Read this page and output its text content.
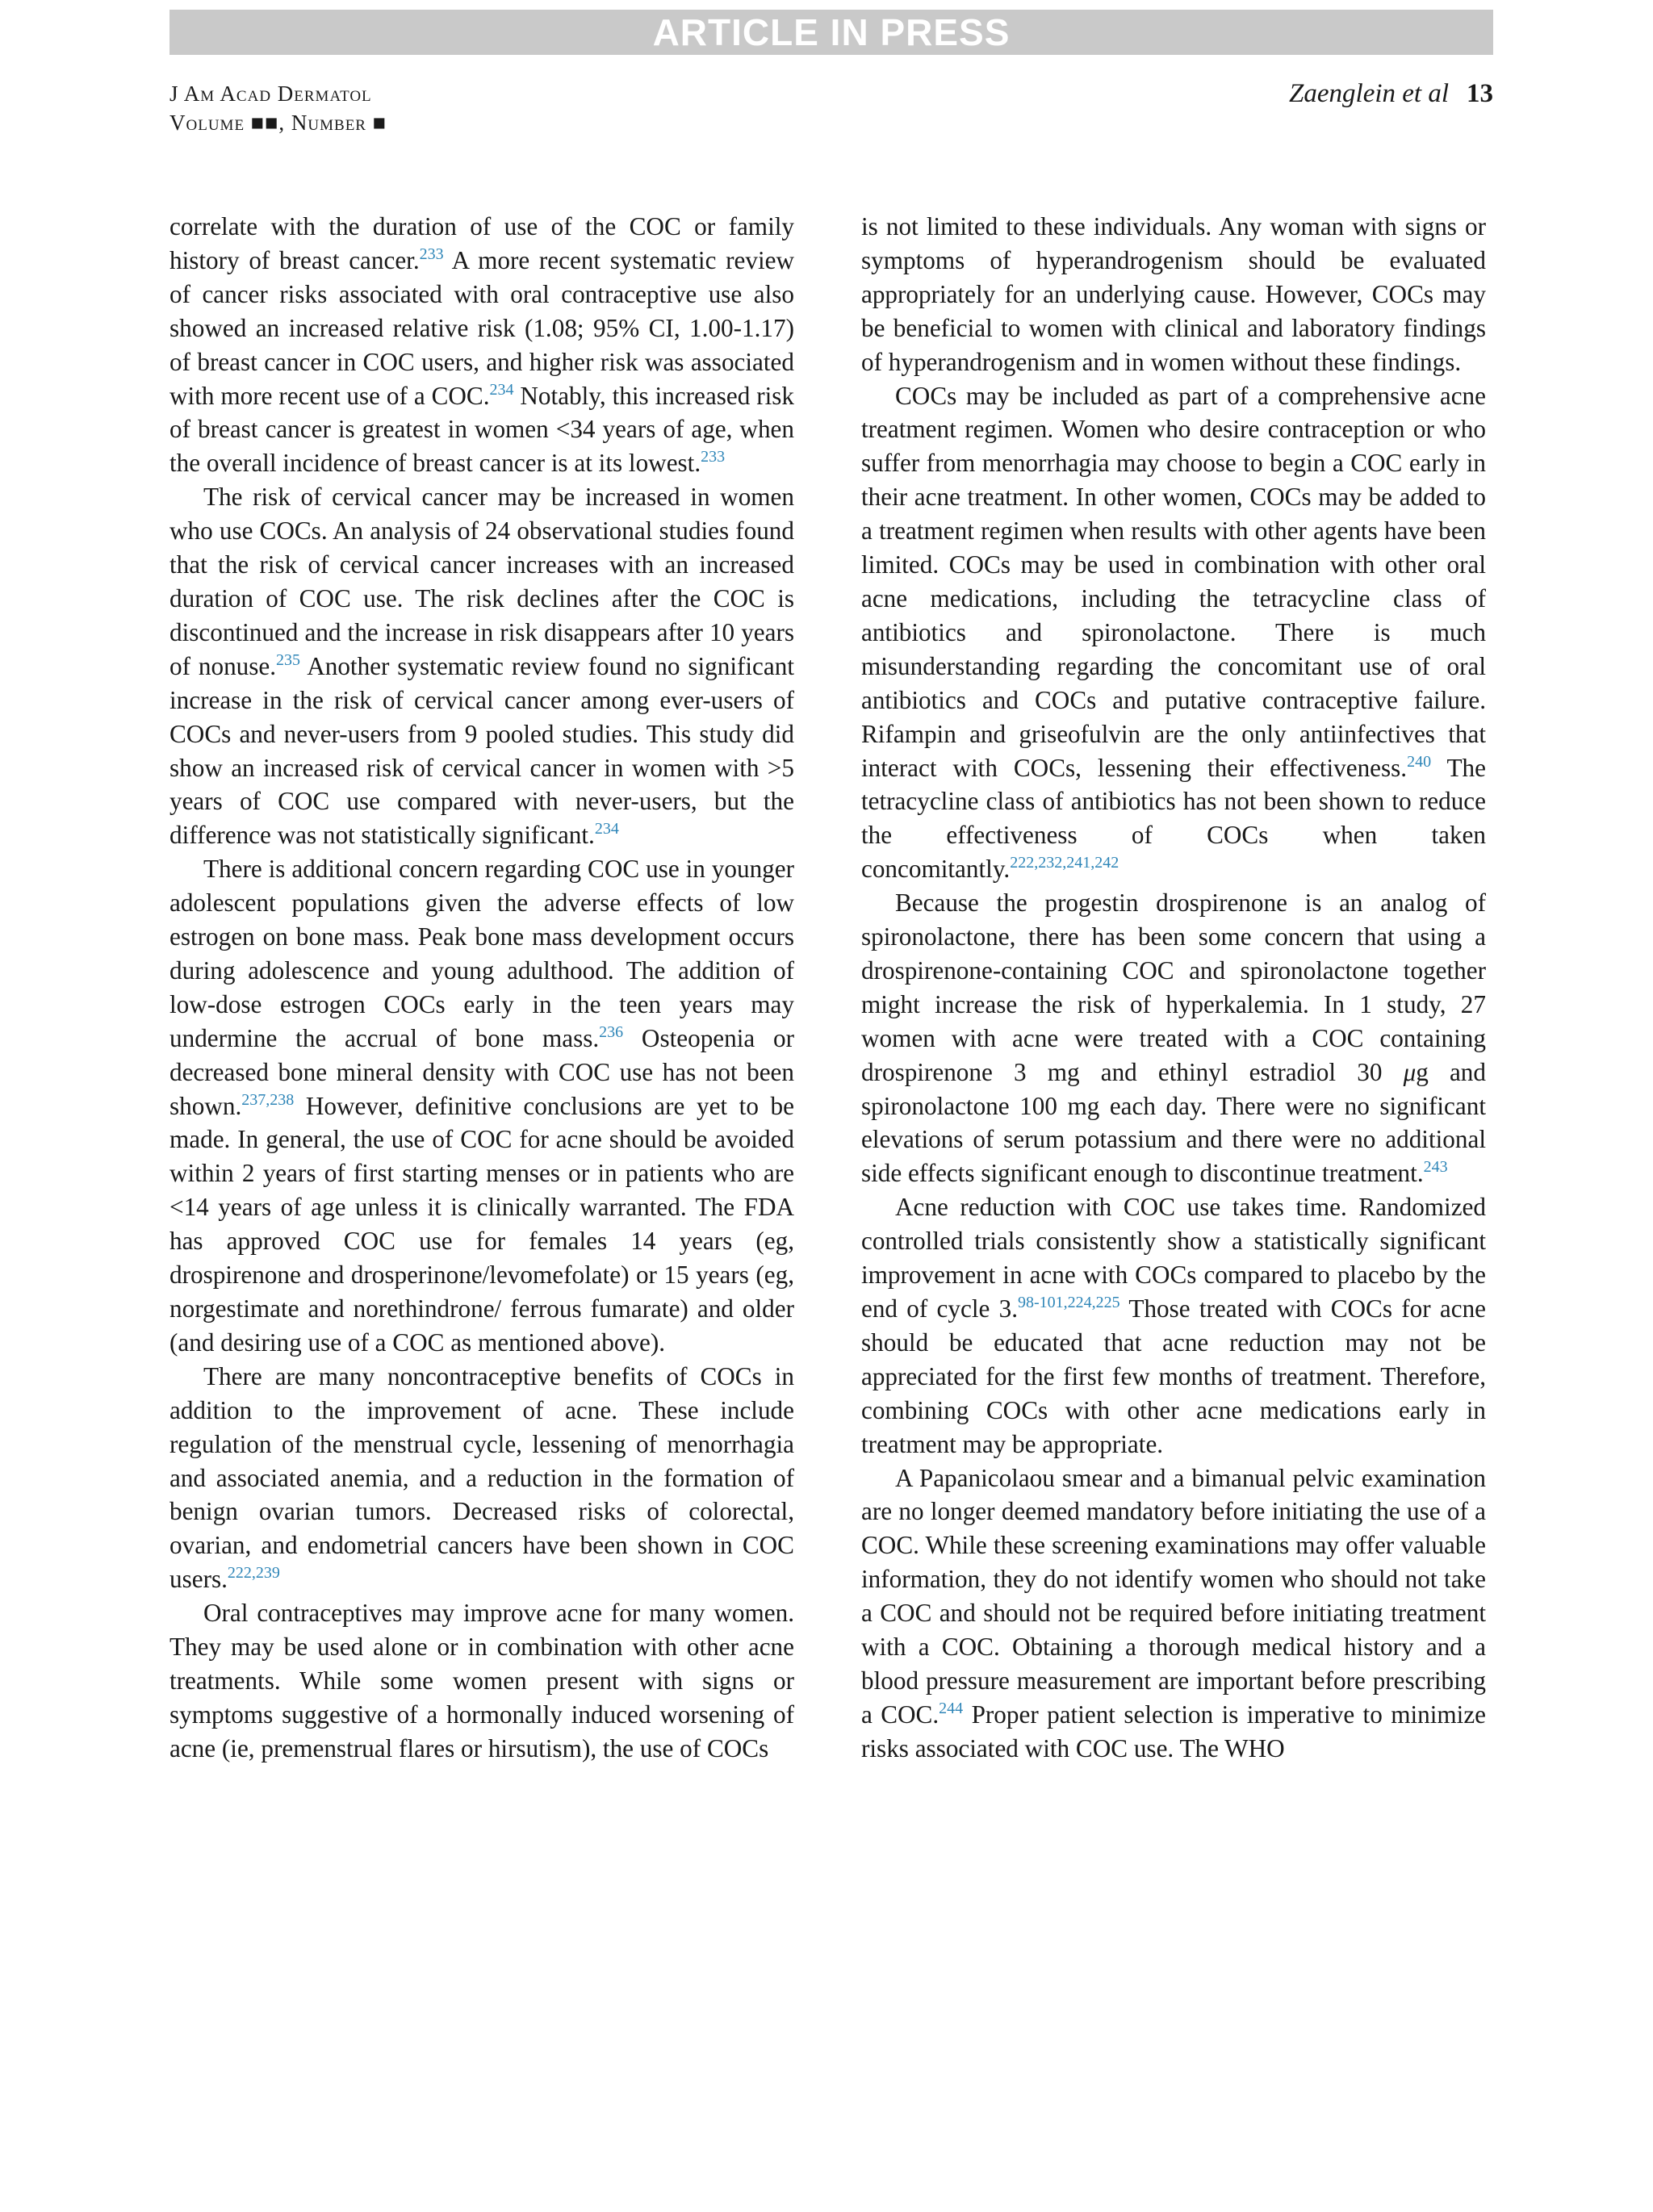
ARTICLE IN PRESS
J Am Acad Dermatol
Volume ■■, Number ■
Zaenglein et al 13

correlate with the duration of use of the COC or family history of breast cancer.$^{233}$ A more recent systematic review of cancer risks associated with oral contraceptive use also showed an increased relative risk (1.08; 95% CI, 1.00-1.17) of breast cancer in COC users, and higher risk was associated with more recent use of a COC.$^{234}$ Notably, this increased risk of breast cancer is greatest in women <34 years of age, when the overall incidence of breast cancer is at its lowest.$^{233}$

The risk of cervical cancer may be increased in women who use COCs. An analysis of 24 observational studies found that the risk of cervical cancer increases with an increased duration of COC use. The risk declines after the COC is discontinued and the increase in risk disappears after 10 years of nonuse.$^{235}$ Another systematic review found no significant increase in the risk of cervical cancer among ever-users of COCs and never-users from 9 pooled studies. This study did show an increased risk of cervical cancer in women with >5 years of COC use compared with never-users, but the difference was not statistically significant.$^{234}$

There is additional concern regarding COC use in younger adolescent populations given the adverse effects of low estrogen on bone mass. Peak bone mass development occurs during adolescence and young adulthood. The addition of low-dose estrogen COCs early in the teen years may undermine the accrual of bone mass.$^{236}$ Osteopenia or decreased bone mineral density with COC use has not been shown.$^{237,238}$ However, definitive conclusions are yet to be made. In general, the use of COC for acne should be avoided within 2 years of first starting menses or in patients who are <14 years of age unless it is clinically warranted. The FDA has approved COC use for females 14 years (eg, drospirenone and drosperinone/levomefolate) or 15 years (eg, norgestimate and norethindrone/ ferrous fumarate) and older (and desiring use of a COC as mentioned above).

There are many noncontraceptive benefits of COCs in addition to the improvement of acne. These include regulation of the menstrual cycle, lessening of menorrhagia and associated anemia, and a reduction in the formation of benign ovarian tumors. Decreased risks of colorectal, ovarian, and endometrial cancers have been shown in COC users.$^{222,239}$

Oral contraceptives may improve acne for many women. They may be used alone or in combination with other acne treatments. While some women present with signs or symptoms suggestive of a hormonally induced worsening of acne (ie, premenstrual flares or hirsutism), the use of COCs

is not limited to these individuals. Any woman with signs or symptoms of hyperandrogenism should be evaluated appropriately for an underlying cause. However, COCs may be beneficial to women with clinical and laboratory findings of hyperandrogenism and in women without these findings.

COCs may be included as part of a comprehensive acne treatment regimen. Women who desire contraception or who suffer from menorrhagia may choose to begin a COC early in their acne treatment. In other women, COCs may be added to a treatment regimen when results with other agents have been limited. COCs may be used in combination with other oral acne medications, including the tetracycline class of antibiotics and spironolactone. There is much misunderstanding regarding the concomitant use of oral antibiotics and COCs and putative contraceptive failure. Rifampin and griseofulvin are the only antiinfectives that interact with COCs, lessening their effectiveness.$^{240}$ The tetracycline class of antibiotics has not been shown to reduce the effectiveness of COCs when taken concomitantly.$^{222,232,241,242}$

Because the progestin drospirenone is an analog of spironolactone, there has been some concern that using a drospirenone-containing COC and spironolactone together might increase the risk of hyperkalemia. In 1 study, 27 women with acne were treated with a COC containing drospirenone 3 mg and ethinyl estradiol 30 μg and spironolactone 100 mg each day. There were no significant elevations of serum potassium and there were no additional side effects significant enough to discontinue treatment.$^{243}$

Acne reduction with COC use takes time. Randomized controlled trials consistently show a statistically significant improvement in acne with COCs compared to placebo by the end of cycle 3.$^{98-101,224,225}$ Those treated with COCs for acne should be educated that acne reduction may not be appreciated for the first few months of treatment. Therefore, combining COCs with other acne medications early in treatment may be appropriate.

A Papanicolaou smear and a bimanual pelvic examination are no longer deemed mandatory before initiating the use of a COC. While these screening examinations may offer valuable information, they do not identify women who should not take a COC and should not be required before initiating treatment with a COC. Obtaining a thorough medical history and a blood pressure measurement are important before prescribing a COC.$^{244}$ Proper patient selection is imperative to minimize risks associated with COC use. The WHO
